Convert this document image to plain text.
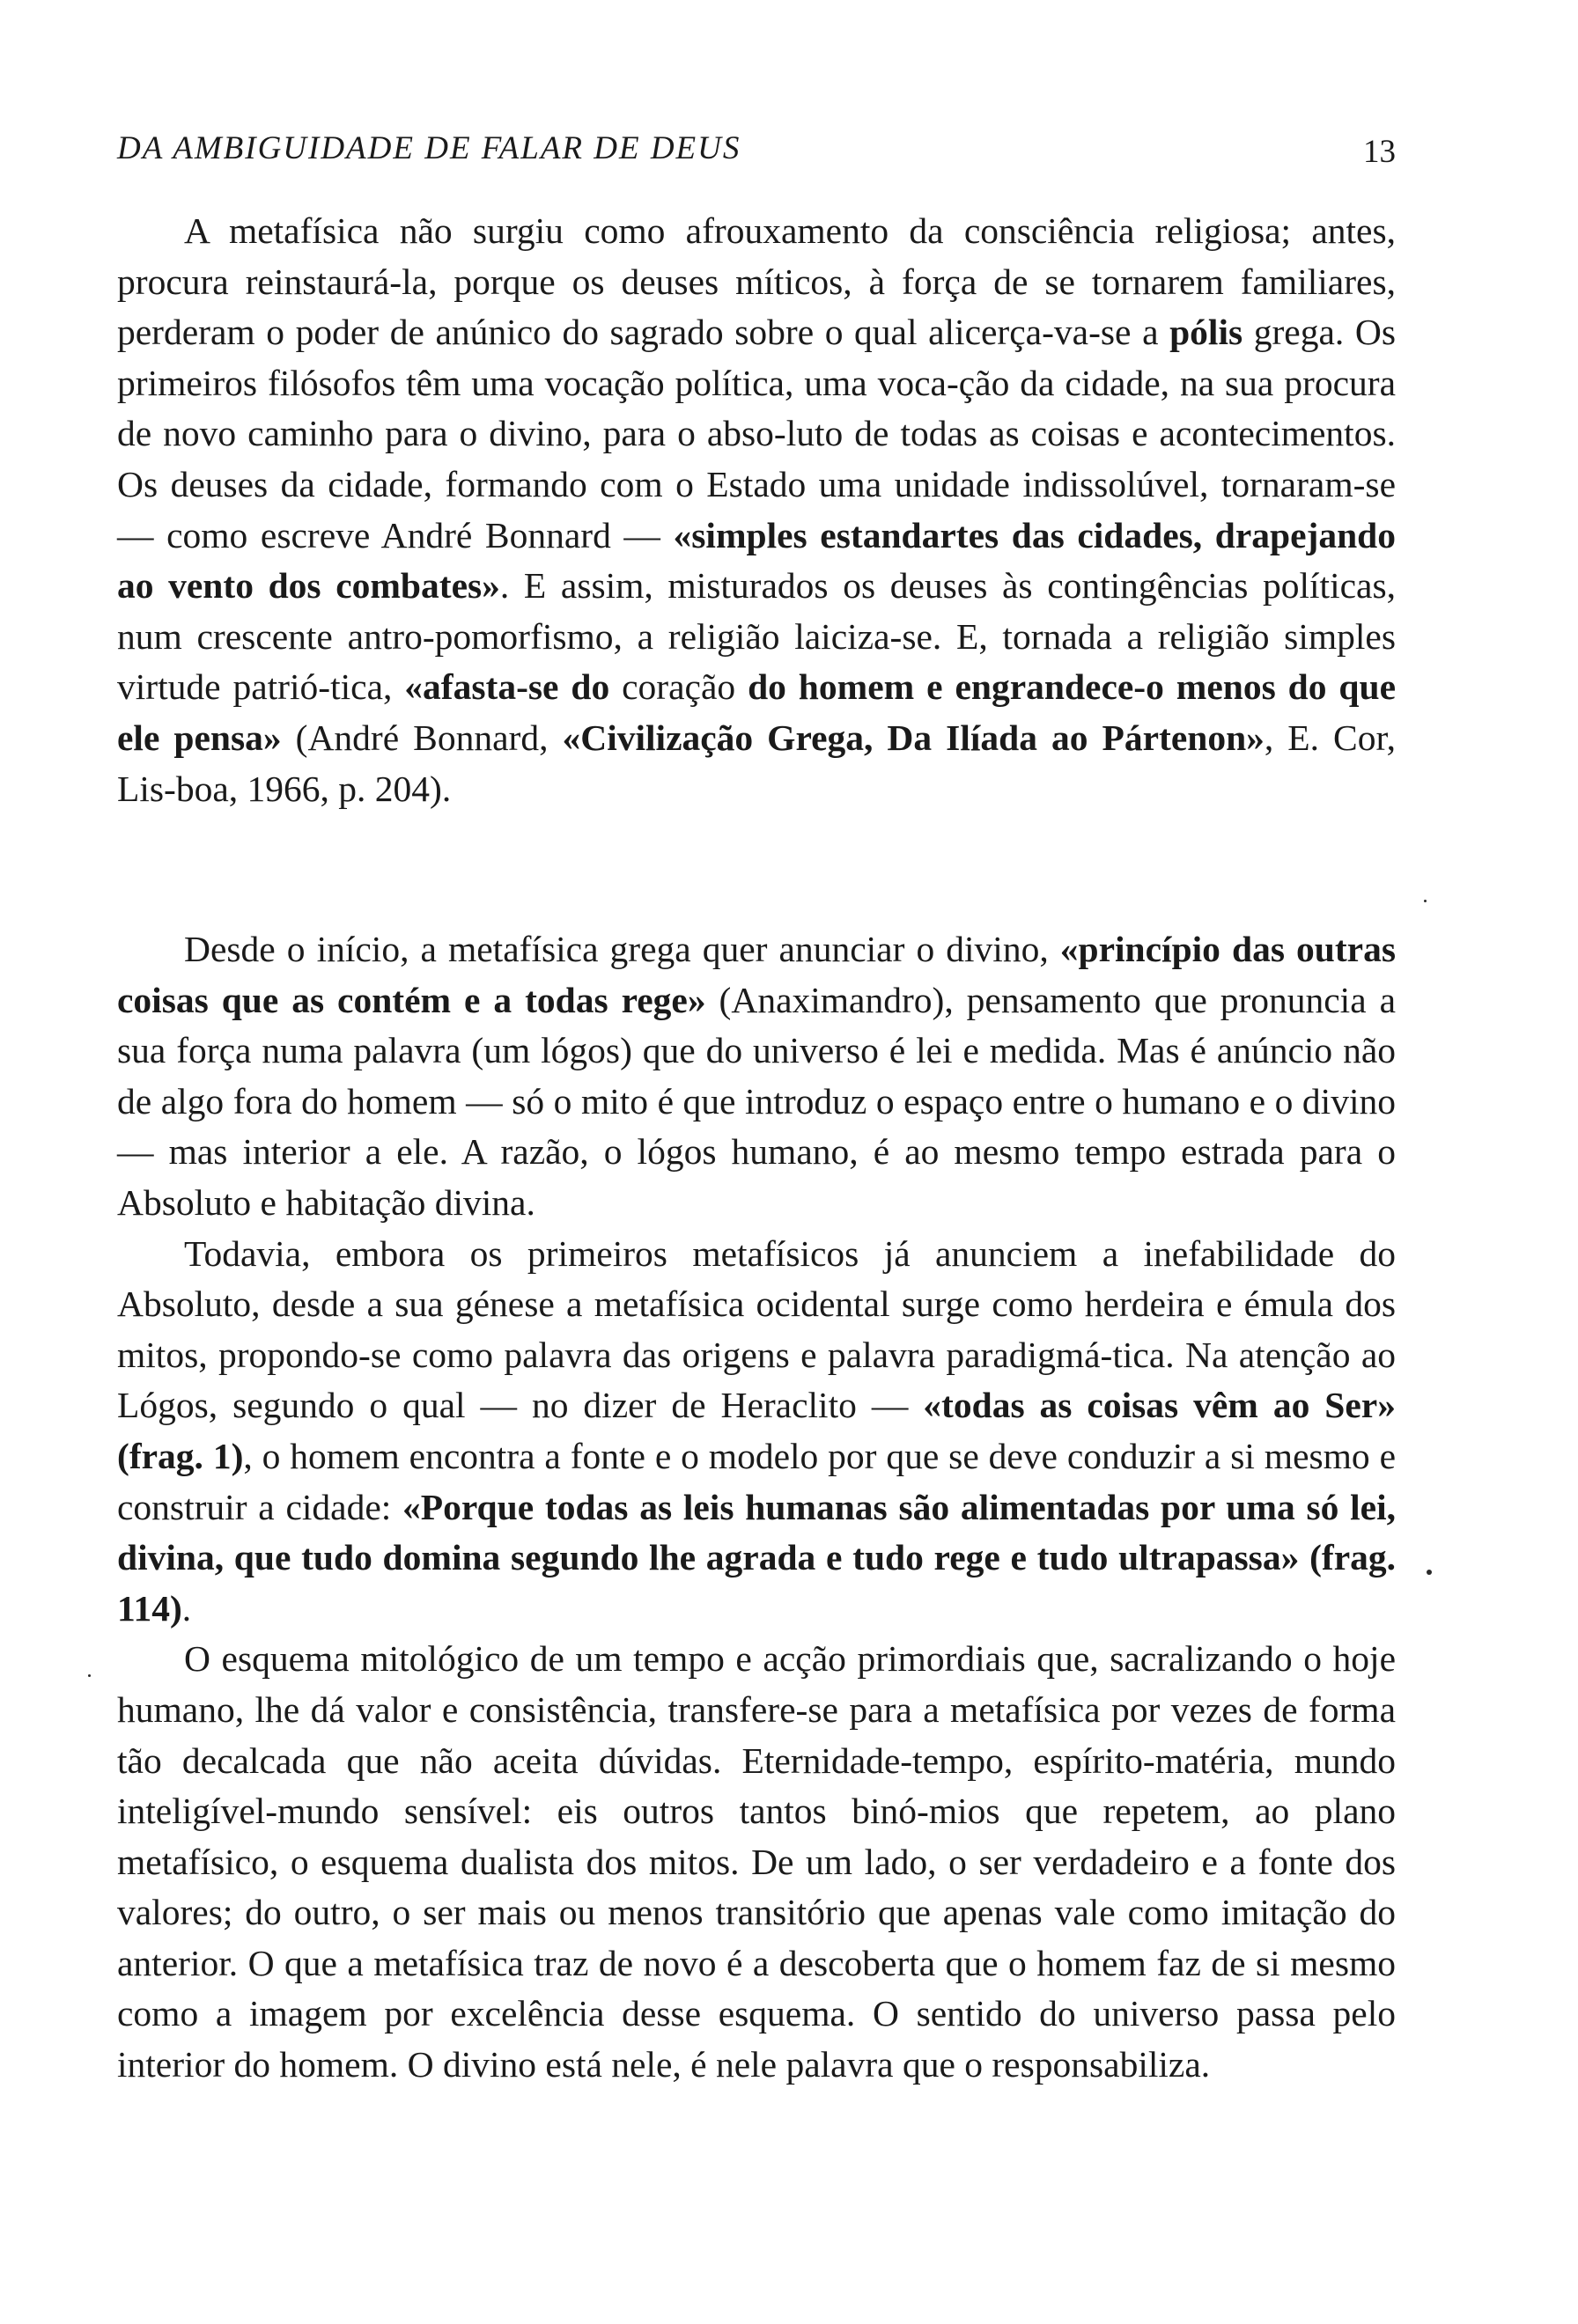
DA AMBIGUIDADE DE FALAR DE DEUS	13

A metafísica não surgiu como afrouxamento da consciência religiosa; antes, procura reinstaurá-la, porque os deuses míticos, à força de se tornarem familiares, perderam o poder de anúnico do sagrado sobre o qual alicerça-va-se a pólis grega. Os primeiros filósofos têm uma vocação política, uma voca-ção da cidade, na sua procura de novo caminho para o divino, para o abso-luto de todas as coisas e acontecimentos. Os deuses da cidade, formando com o Estado uma unidade indissolúvel, tornaram-se — como escreve André Bonnard — «simples estandartes das cidades, drapejando ao vento dos combates». E assim, misturados os deuses às contingências políticas, num crescente antro-pomorfismo, a religião laiciza-se. E, tornada a religião simples virtude patrió-tica, «afasta-se do coração do homem e engrandece-o menos do que ele pensa» (André Bonnard, «Civilização Grega, Da Ilíada ao Pártenon», E. Cor, Lis-boa, 1966, p. 204).

Desde o início, a metafísica grega quer anunciar o divino, «princípio das outras coisas que as contém e a todas rege» (Anaximandro), pensamento que pronuncia a sua força numa palavra (um lógos) que do universo é lei e medida. Mas é anúncio não de algo fora do homem — só o mito é que introduz o espaço entre o humano e o divino — mas interior a ele. A razão, o lógos humano, é ao mesmo tempo estrada para o Absoluto e habitação divina.

Todavia, embora os primeiros metafísicos já anunciem a inefabilidade do Absoluto, desde a sua génese a metafísica ocidental surge como herdeira e émula dos mitos, propondo-se como palavra das origens e palavra paradigmá-tica. Na atenção ao Lógos, segundo o qual — no dizer de Heraclito — «todas as coisas vêm ao Ser» (frag. 1), o homem encontra a fonte e o modelo por que se deve conduzir a si mesmo e construir a cidade: «Porque todas as leis humanas são alimentadas por uma só lei, divina, que tudo domina segundo lhe agrada e tudo rege e tudo ultrapassa» (frag. 114).

O esquema mitológico de um tempo e acção primordiais que, sacralizando o hoje humano, lhe dá valor e consistência, transfere-se para a metafísica por vezes de forma tão decalcada que não aceita dúvidas. Eternidade-tempo, espírito-matéria, mundo inteligível-mundo sensível: eis outros tantos binó-mios que repetem, ao plano metafísico, o esquema dualista dos mitos. De um lado, o ser verdadeiro e a fonte dos valores; do outro, o ser mais ou menos transitório que apenas vale como imitação do anterior. O que a metafísica traz de novo é a descoberta que o homem faz de si mesmo como a imagem por excelência desse esquema. O sentido do universo passa pelo interior do homem. O divino está nele, é nele palavra que o responsabiliza.
